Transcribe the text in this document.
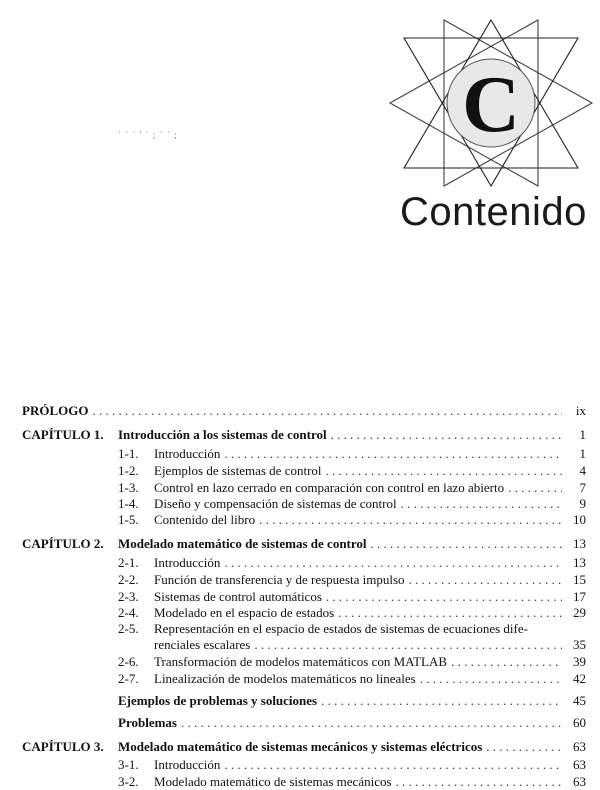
C
Contenido
˙ ˙ ˙ ' ˙ ; ˙ ˙ ;
PRÓLOGO . . .	ix
CAPÍTULO 1.	Introducción a los sistemas de control . . .	1
1-1.	Introducción . . .	1
1-2.	Ejemplos de sistemas de control . . .	4
1-3.	Control en lazo cerrado en comparación con control en lazo abierto . . .	7
1-4.	Diseño y compensación de sistemas de control . . .	9
1-5.	Contenido del libro . . .	10
CAPÍTULO 2.	Modelado matemático de sistemas de control . . .	13
2-1.	Introducción . . .	13
2-2.	Función de transferencia y de respuesta impulso . . .	15
2-3.	Sistemas de control automáticos . . .	17
2-4.	Modelado en el espacio de estados . . .	29
2-5.	Representación en el espacio de estados de sistemas de ecuaciones dife-
renciales escalares . . .	35
2-6.	Transformación de modelos matemáticos con MATLAB . . .	39
2-7.	Linealización de modelos matemáticos no lineales . . .	42
Ejemplos de problemas y soluciones . . .	45
Problemas . . .	60
CAPÍTULO 3.	Modelado matemático de sistemas mecánicos y sistemas eléctricos . . .	63
3-1.	Introducción . . .	63
3-2.	Modelado matemático de sistemas mecánicos . . .	63
